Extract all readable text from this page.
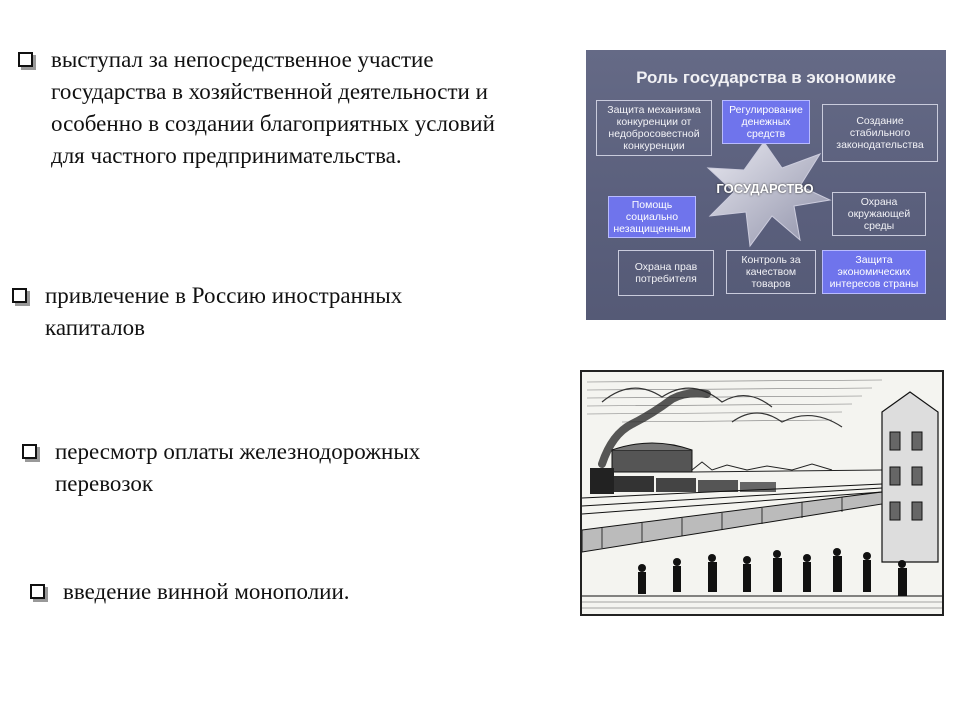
выступал за непосредственное участие
государства в хозяйственной деятельности и
особенно в создании благоприятных условий
для частного предпринимательства.
привлечение в Россию иностранных
капиталов
пересмотр оплаты железнодорожных
перевозок
введение винной монополии.
Роль государства в экономике
ГОСУДАРСТВО
Защита механизма конкуренции от недобросовестной конкуренции
Регулирование денежных средств
Создание стабильного законодательства
Помощь социально незащищенным
Охрана окружающей среды
Охрана прав потребителя
Контроль за качеством товаров
Защита экономических интересов страны
